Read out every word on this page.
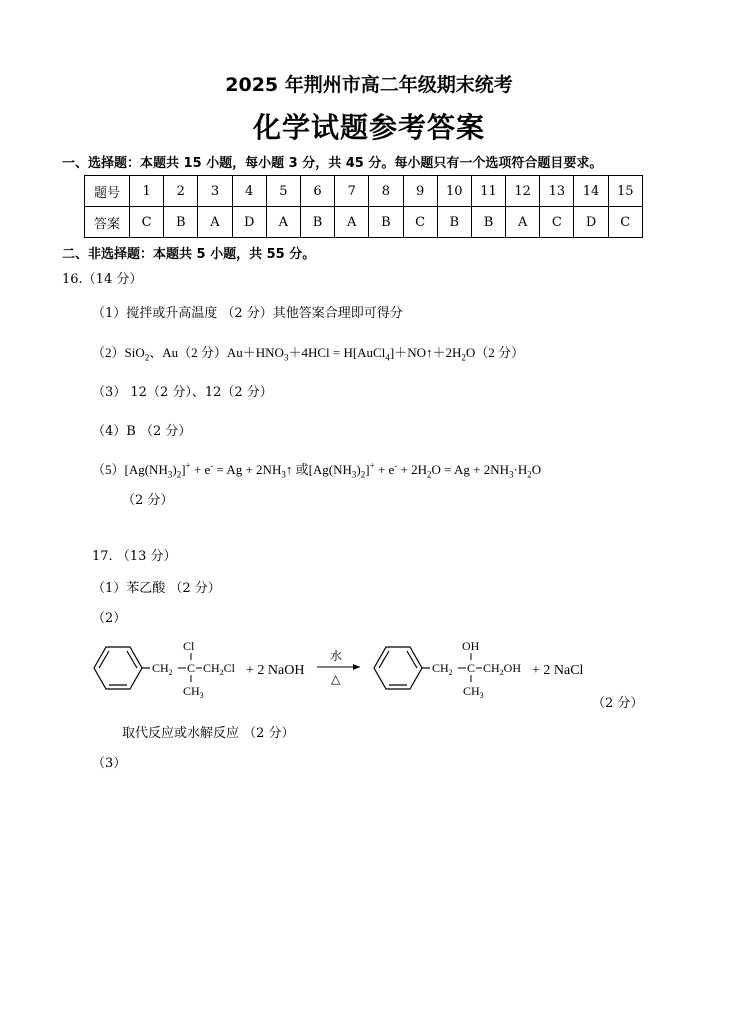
2025 年荆州市高二年级期末统考
化学试题参考答案
一、选择题：本题共 15 小题，每小题 3 分，共 45 分。每小题只有一个选项符合题目要求。
题号	1	2	3	4	5	6	7	8	9	10	11	12	13	14	15
答案	C	B	A	D	A	B	A	B	C	B	B	A	C	D	C
二、非选择题：本题共 5 小题，共 55 分。
16.（14 分）
（1）搅拌或升高温度 （2 分）其他答案合理即可得分
（2）SiO$_2$、Au（2 分）$Au+HNO_3+4HCl$ = $H[AuCl_4]+NO↑+2H_2O(2$ 分）
（3） 12（2 分）、12（2 分）
（4）B （2 分）
$(5)[Ag(NH_3)_2]^+ + e^- = Ag$ + $2NH_3↑$ 或$[Ag(NH_3)_2]^+ + e^- + 2H_2O = Ag + 2NH_3\cdot H_2O$
（2 分）
17. （13 分）
（1）苯乙酸 （2 分）
（2）
$CH_2$
Cl
C $CH_2Cl$
$CH_3$
+ 2 NaOH
水
△
$CH_2$
OH
C $CH_2OH$
$CH_3$
+ 2 NaCl
（2 分）
取代反应或水解反应 （2 分）
（3）
